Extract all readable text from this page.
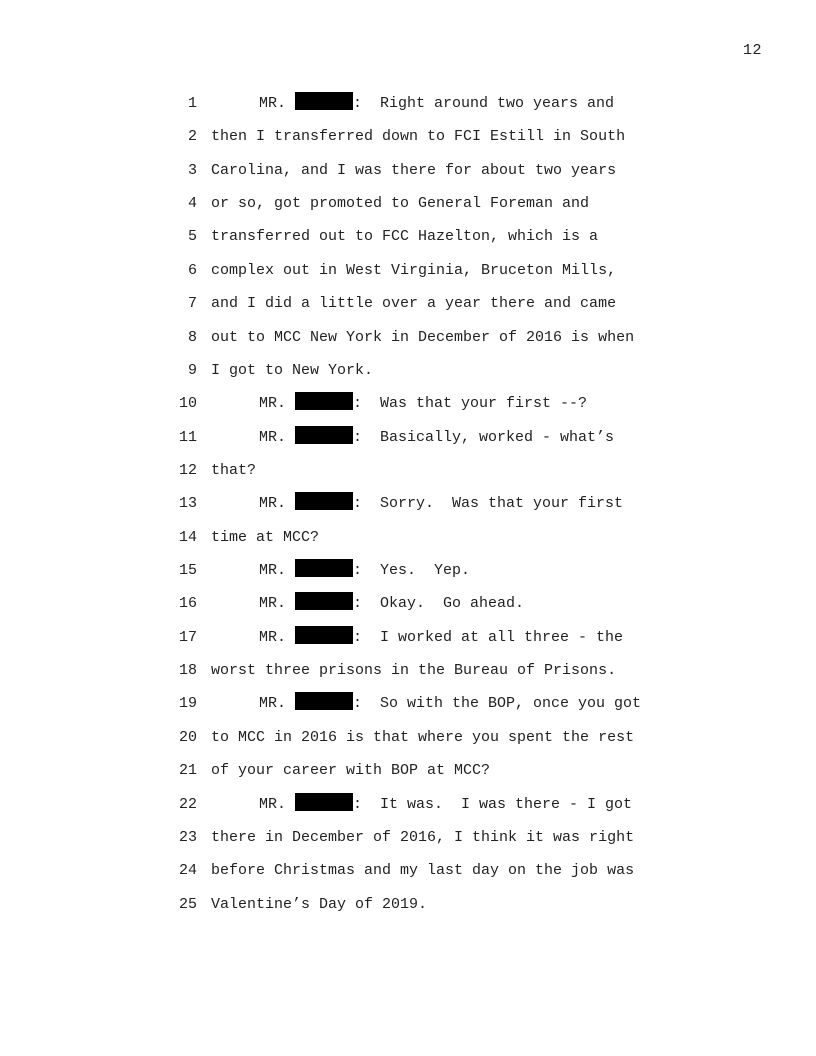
12
1	MR.	:  Right around two years and
2 then I transferred down to FCI Estill in South
3 Carolina, and I was there for about two years
4 or so, got promoted to General Foreman and
5 transferred out to FCC Hazelton, which is a
6 complex out in West Virginia, Bruceton Mills,
7 and I did a little over a year there and came
8 out to MCC New York in December of 2016 is when
9 I got to New York.
10	MR.	:  Was that your first --?
11	MR.	:  Basically, worked - what’s
12 that?
13	MR.	:  Sorry.  Was that your first
14 time at MCC?
15	MR.	:  Yes.  Yep.
16	MR.	:  Okay.  Go ahead.
17	MR.	:  I worked at all three - the
18 worst three prisons in the Bureau of Prisons.
19	MR.	:  So with the BOP, once you got
20 to MCC in 2016 is that where you spent the rest
21 of your career with BOP at MCC?
22	MR.	:  It was.  I was there - I got
23 there in December of 2016, I think it was right
24 before Christmas and my last day on the job was
25 Valentine’s Day of 2019.
